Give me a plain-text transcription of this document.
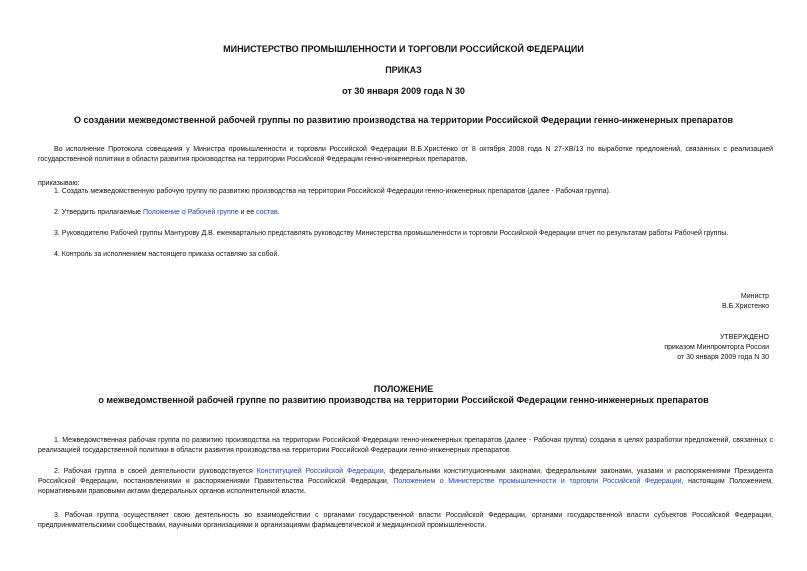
МИНИСТЕРСТВО ПРОМЫШЛЕННОСТИ И ТОРГОВЛИ РОССИЙСКОЙ ФЕДЕРАЦИИ
ПРИКАЗ
от 30 января 2009 года N 30
О создании межведомственной рабочей группы по развитию производства на территории Российской Федерации генно-инженерных препаратов
Во исполнение Протокола совещания у Министра промышленности и торговли Российской Федерации В.Б.Христенко от 8 октября 2008 года N 27-ХВ/13 по выработке предложений, связанных с реализацией государственной политики в области развития производства на территории Российской Федерации генно-инженерных препаратов,
приказываю:
1. Создать межведомственную рабочую группу по развитию производства на территории Российской Федерации генно-инженерных препаратов (далее - Рабочая группа).
2. Утвердить прилагаемые Положение о Рабочей группе и ее состав.
3. Руководителю Рабочей группы Мантурову Д.В. ежеквартально представлять руководству Министерства промышленности и торговли Российской Федерации отчет по результатам работы Рабочей группы.
4. Контроль за исполнением настоящего приказа оставляю за собой.
Министр
В.Б.Христенко
УТВЕРЖДЕНО
приказом Минпромторга России
от 30 января 2009 года N 30
ПОЛОЖЕНИЕ
о межведомственной рабочей группе по развитию производства на территории Российской Федерации генно-инженерных препаратов
1. Межведомственная рабочая группа по развитию производства на территории Российской Федерации генно-инженерных препаратов (далее - Рабочая группа) создана в целях разработки предложений, связанных с реализацией государственной политики в области развития производства на территории Российской Федерации генно-инженерных препаратов.
2. Рабочая группа в своей деятельности руководствуется Конституцией Российской Федерации, федеральными конституционными законами, федеральными законами, указами и распоряжениями Президента Российской Федерации, постановлениями и распоряжениями Правительства Российской Федерации, Положением о Министерстве промышленности и торговли Российской Федерации, настоящим Положением, нормативными правовыми актами федеральных органов исполнительной власти.
3. Рабочая группа осуществляет свою деятельность во взаимодействии с органами государственной власти Российской Федерации, органами государственной власти субъектов Российской Федерации, предпринимательскими сообществами, научными организациями и организациями фармацевтической и медицинской промышленности.
